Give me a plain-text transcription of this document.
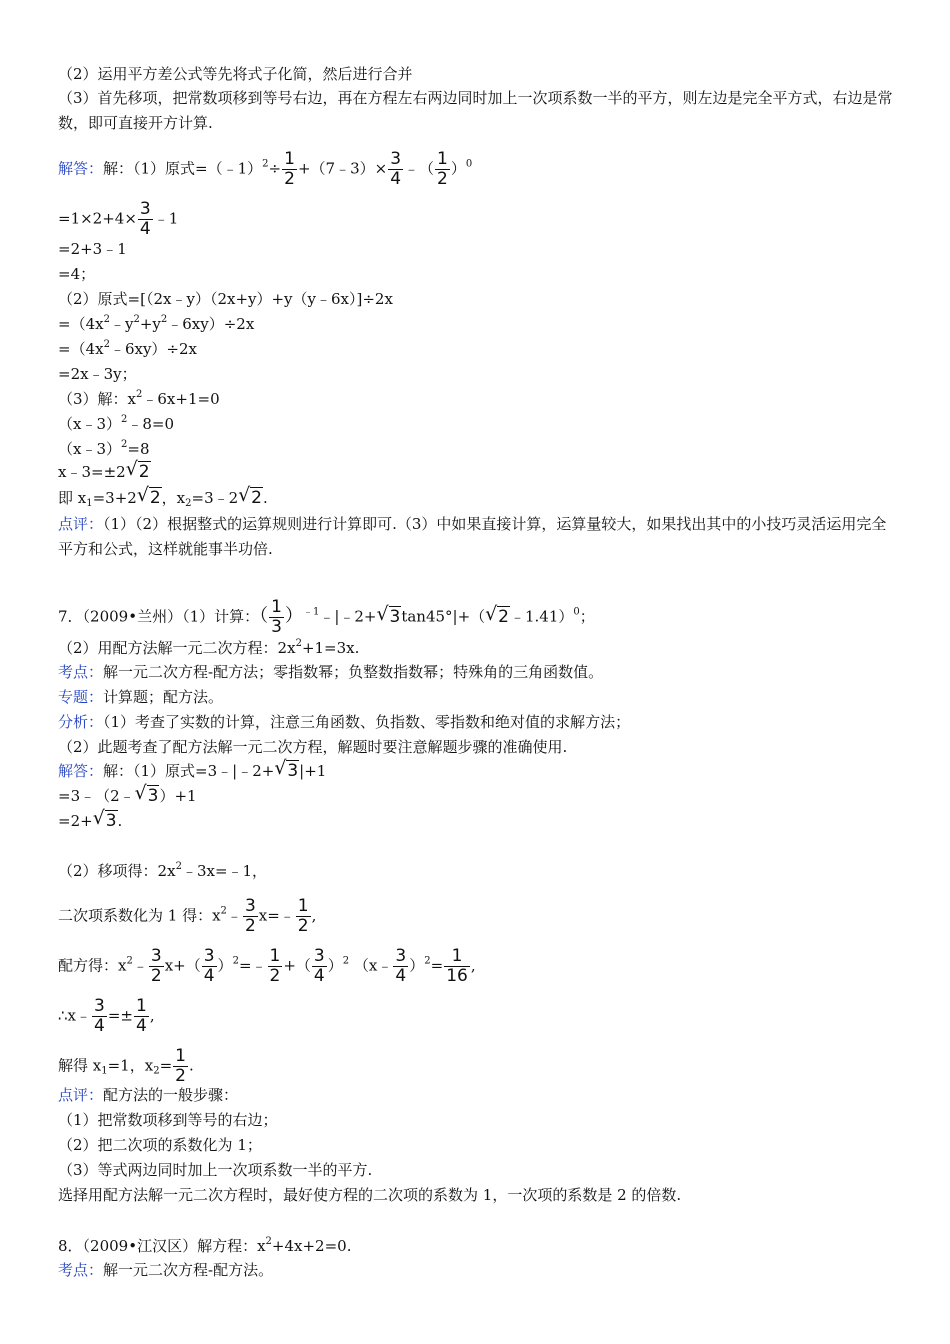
（2）运用平方差公式等先将式子化简，然后进行合并
（3）首先移项，把常数项移到等号右边，再在方程左右两边同时加上一次项系数一半的平方，则左边是完全平方式，右边是常数，即可直接开方计算.
解答：解：（1）原式=（﹣1）$^2$÷ $\frac{1}{2}$ +（7﹣3）× $\frac{3}{4}$ ﹣（ $\frac{1}{2} )^0$
$=1\times 2+4\times \frac{3}{4}$ ﹣1
=2+3﹣1
=4；
（2）原式=[（2x﹣y）（2x+y）+y（y﹣6x）]÷2x
$=(4x^2﹣y^2+y^2﹣6xy)\div 2x$
$=(4x^2﹣6xy)\div 2x$
=2x﹣3y；
（3）解：$x^2﹣6x+1=0$
（x﹣3）$^2$﹣8=0
（x﹣3）$^2$=8
x﹣3=±2√ 2
即 $x_1=3+2√$ 2，$x_2=3﹣2√$ 2.
点评：（1）（2）根据整式的运算规则进行计算即可.（3）中如果直接计算，运算量较大，如果找出其中的小技巧灵活运用完全平方和公式，这样就能事半功倍.
7．（2009•兰州）（1）计算：（ $\frac{1}{3}$ ）$^{﹣1}$﹣|﹣2+√ 3tan45°|+（√ 2﹣1.41）$^0$；
（2）用配方法解一元二次方程：$2x^2+1=3x$.
考点：解一元二次方程-配方法；零指数幂；负整数指数幂；特殊角的三角函数值。
专题：计算题；配方法。
分析：（1）考查了实数的计算，注意三角函数、负指数、零指数和绝对值的求解方法；
（2）此题考查了配方法解一元二次方程，解题时要注意解题步骤的准确使用.
解答：解：（1）原式=3﹣|﹣2+√ 3|+1
=3﹣（2﹣√ 3）+1
=2+√ 3.
（2）移项得：$2x^2﹣3x=﹣1$，
二次项系数化为 1 得：$x^2﹣ \frac{3}{2}$ x=﹣ $\frac{1}{2}$ ,
配方得：$x^2﹣ \frac{3}{2} x+( \frac{3}{4}$ ）$^2=﹣ \frac{1}{2}$ +（ $\frac{3}{4} )^2$ （x﹣ $\frac{3}{4} )^2= \frac{1}{16}$ ,
∴x﹣ $\frac{3}{4} =\pm \frac{1}{4}$ ,
解得 $x_1=1$，$x_2= \frac{1}{2}$ .
点评：配方法的一般步骤：
（1）把常数项移到等号的右边；
（2）把二次项的系数化为 1；
（3）等式两边同时加上一次项系数一半的平方.
选择用配方法解一元二次方程时，最好使方程的二次项的系数为 1，一次项的系数是 2 的倍数.
8．（2009•江汉区）解方程：$x^2+4x+2=0$.
考点：解一元二次方程-配方法。
